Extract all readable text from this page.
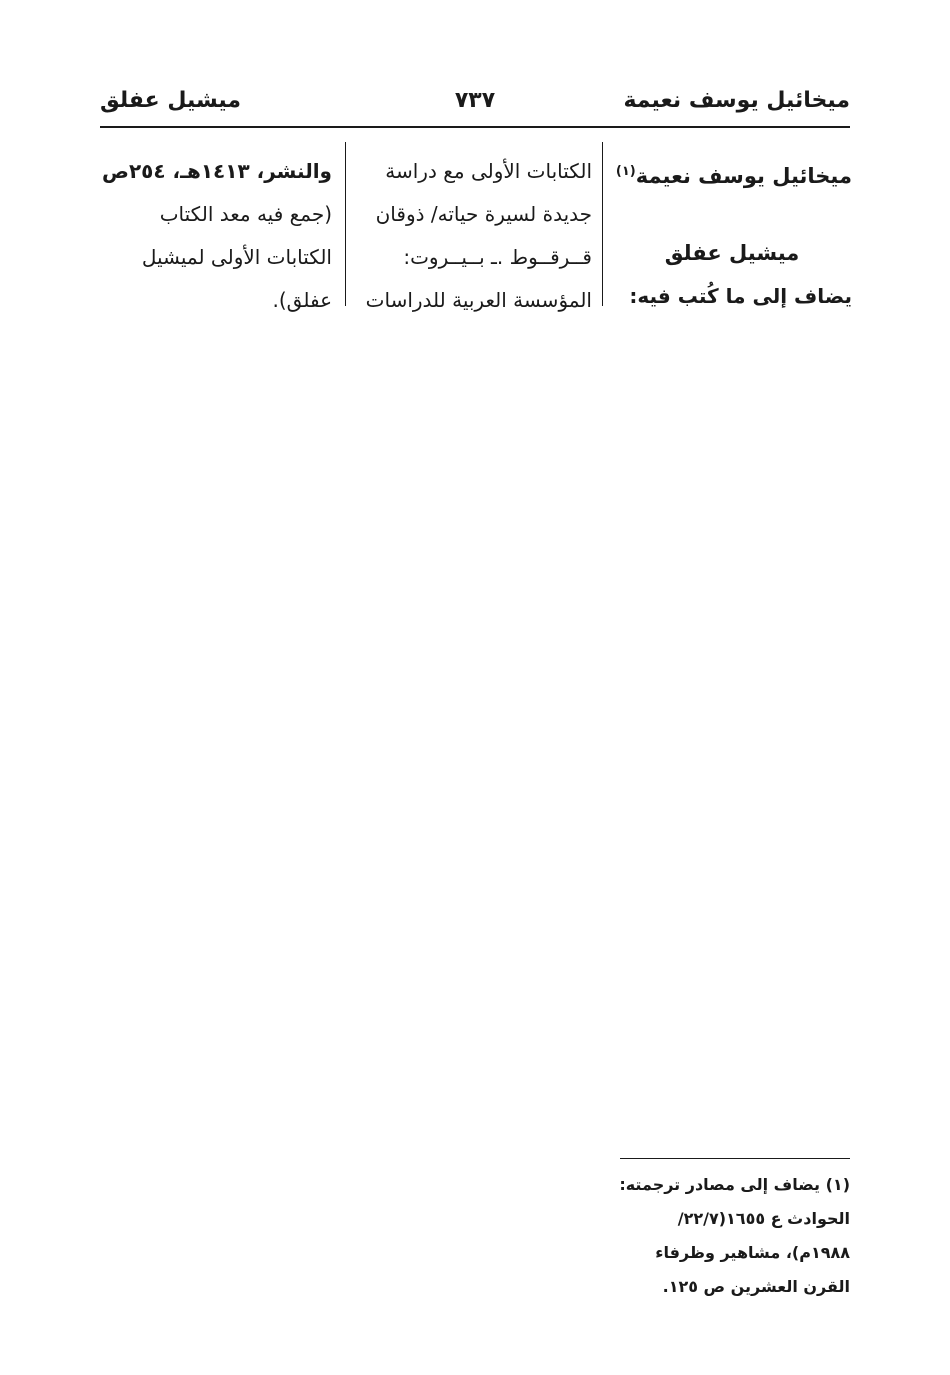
ميخائيل يوسف نعيمة
٧٣٧
ميشيل عفلق
ميخائيل يوسف نعيمة$^{(١)}$
ميشيل عفلق
يضاف إلى ما كُتب فيه:

الكتابات الأولى مع دراسة

جديدة لسيرة حياته/ ذوقان

قــرقــوط .ـ بــيــروت:

المؤسسة العربية للدراسات

والنشر، ١٤١٣هـ، ٢٥٤ص

(جمع فيه معد الكتاب

الكتابات الأولى لميشيل

عفلق).

(١) يضاف إلى مصادر ترجمته:

الحوادث ع ١٦٥٥(٢٢/٧/

١٩٨٨م)، مشاهير وظرفاء

القرن العشرين ص ١٢٥.
